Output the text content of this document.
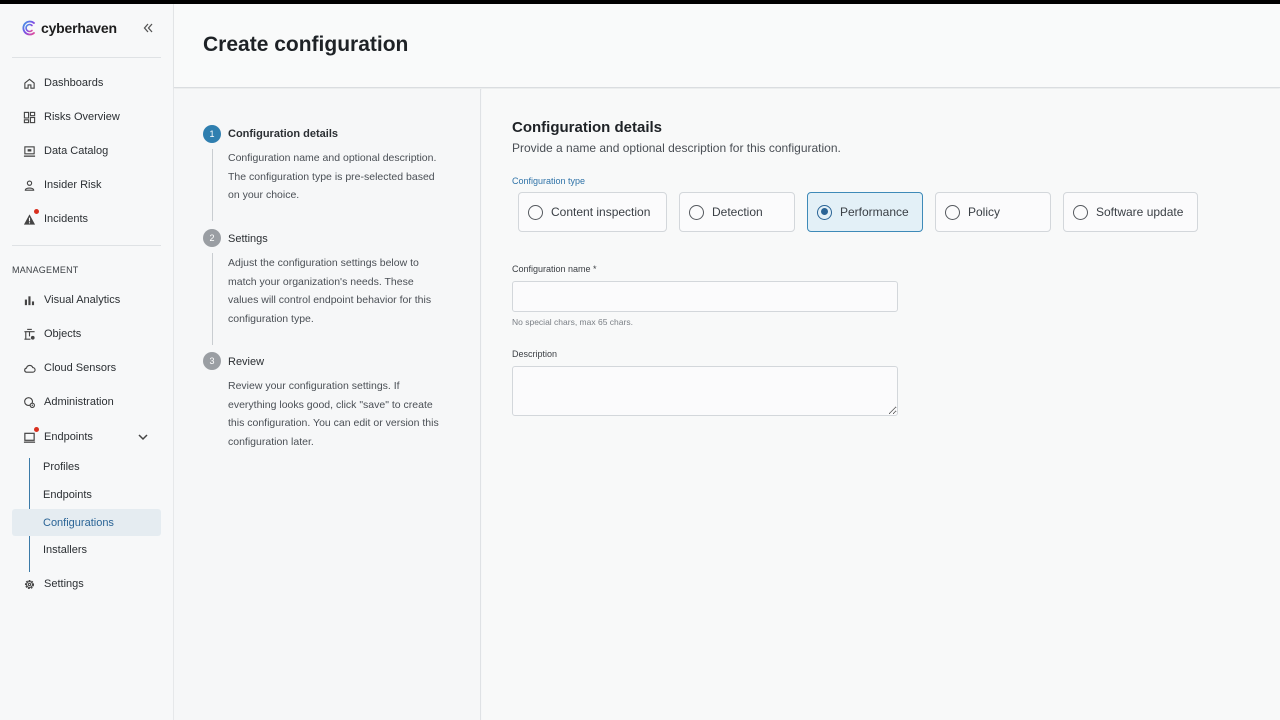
cyberhaven
Dashboards
Risks Overview
Data Catalog
Insider Risk
Incidents
MANAGEMENT
Visual Analytics
Objects
Cloud Sensors
Administration
Endpoints
Profiles
Endpoints
Configurations
Installers
Settings
Create configuration
1	Configuration details
Configuration name and optional description. The configuration type is pre-selected based on your choice.
2	Settings
Adjust the configuration settings below to match your organization's needs. These values will control endpoint behavior for this configuration type.
3	Review
Review your configuration settings. If everything looks good, click "save" to create this configuration. You can edit or version this configuration later.
Configuration details
Provide a name and optional description for this configuration.
Configuration type
Content inspection	Detection	Performance	Policy	Software update
Configuration name *
No special chars, max 65 chars.
Description
